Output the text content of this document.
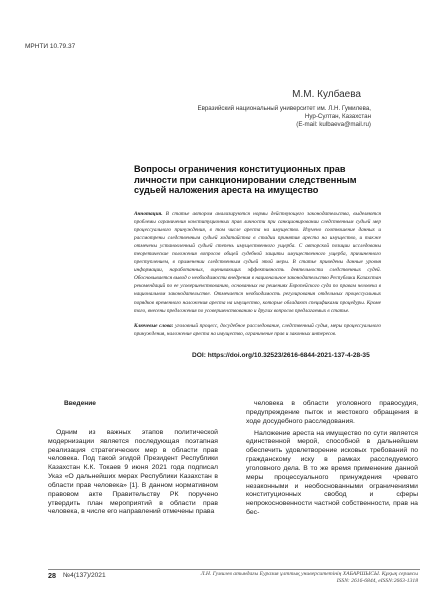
МРНТИ 10.79.37
М.М. Кулбаева
Евразийский национальный университет им. Л.Н. Гумилева, Нур-Султан, Казахстан
(E-mail: kulbaeva@mail.ru)
Вопросы ограничения конституционных прав личности при санкционировании следственным судьей наложения ареста на имущество
Аннотация. В статье автором анализируются нормы действующего законодательства, выделяются проблемы ограничения конституционных прав личности при санкционировании следственным судьей мер процессуального принуждения, в том числе ареста на имущество. Изучено соотношение данных и рассмотрены следственным судьей ходатайства в стадии принятия ареста на имущество, и также отмечены установленный судьей степень имущественного ущерба. С авторской позиции исследованы теоретические положения вопросов общей судебной защиты имущественного ущерба, причиненного преступлением, в применении следственным судьей этой меры. В статье приведены данные уровня информации, наработанных, оценивающих эффективность деятельности следственных судей. Обосновывается вывод о необходимости внедрения в национальное законодательство Республики Казахстан рекомендаций по ее усовершенствованию, основанных на решениях Европейского суда по правам человека в национальном законодательстве. Отмечается необходимость регулирования отдельных процессуальных порядков временного наложения ареста на имущество, которые обладают спецификами процедуры. Кроме того, внесены предложения по усовершенствованию и других вопросов предлагаемых в статье.
Ключевые слова: уголовный процесс, досудебное расследование, следственный судья, меры процессуального принуждения, наложение ареста на имущество, ограничение прав и законных интересов.
DOI: https://doi.org/10.32523/2616-6844-2021-137-4-28-35
Введение
Одним из важных этапов политической модернизации является последующая поэтапная реализация стратегических мер в области прав человека. Под такой эгидой Президент Республики Казахстан К.К. Токаев 9 июня 2021 года подписал Указ «О дальнейших мерах Республики Казахстан в области прав человека» [1]. В данном нормативном правовом акте Правительству РК поручено утвердить план мероприятий в области прав человека, в числе его направлений отмечены права
человека в области уголовного правосудия, предупреждение пыток и жестокого обращения в ходе досудебного расследования.
Наложение ареста на имущество по сути является единственной мерой, способной в дальнейшем обеспечить удовлетворение исковых требований по гражданскому иску в рамках расследуемого уголовного дела. В то же время применение данной меры процессуального принуждения чревато незаконными и необоснованными ограничениями конституционных свобод и сферы непрокосновенности частной собственности, прав на бес-
28 №4(137)/2021	Л.Н. Гумилев атындағы Еуразия ұлттық университетінің ХАБАРШЫСЫ. Құқық сериясы
ISSN: 2616-6844, eISSN:2663-1318
